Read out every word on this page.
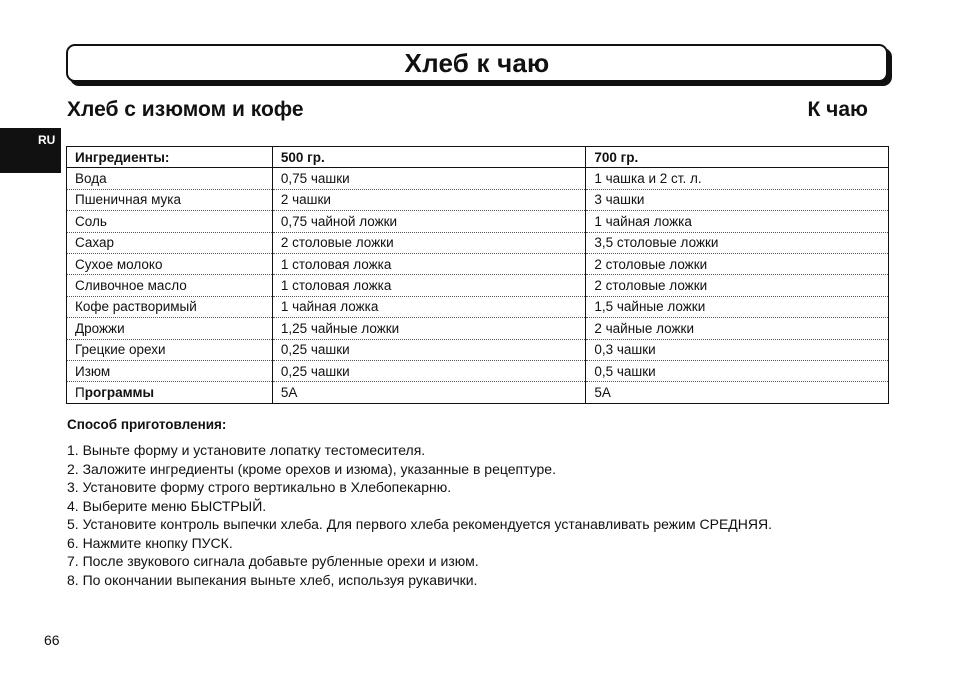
Хлеб к чаю
Хлеб с изюмом и кофе	К чаю
RU
Ингредиенты:	500 гр.	700 гр.
Вода	0,75 чашки	1 чашка и 2 ст. л.
Пшеничная мука	2 чашки	3 чашки
Соль	0,75 чайной ложки	1 чайная ложка
Сахар	2 столовые ложки	3,5 столовые ложки
Сухое молоко	1 столовая ложка	2 столовые ложки
Сливочное масло	1 столовая ложка	2 столовые ложки
Кофе растворимый	1 чайная ложка	1,5 чайные ложки
Дрожжи	1,25 чайные ложки	2 чайные ложки
Грецкие орехи	0,25 чашки	0,3 чашки
Изюм	0,25 чашки	0,5 чашки
Программы	5А	5А
Способ приготовления:
1. Выньте форму и установите лопатку тестомесителя.
2. Заложите ингредиенты (кроме орехов и изюма), указанные в рецептуре.
3. Установите форму строго вертикально в Хлебопекарню.
4. Выберите меню БЫСТРЫЙ.
5. Установите контроль выпечки хлеба. Для первого хлеба рекомендуется устанавливать режим СРЕДНЯЯ.
6. Нажмите кнопку ПУСК.
7. После звукового сигнала добавьте рубленные орехи и изюм.
8. По окончании выпекания выньте хлеб, используя рукавички.
66
